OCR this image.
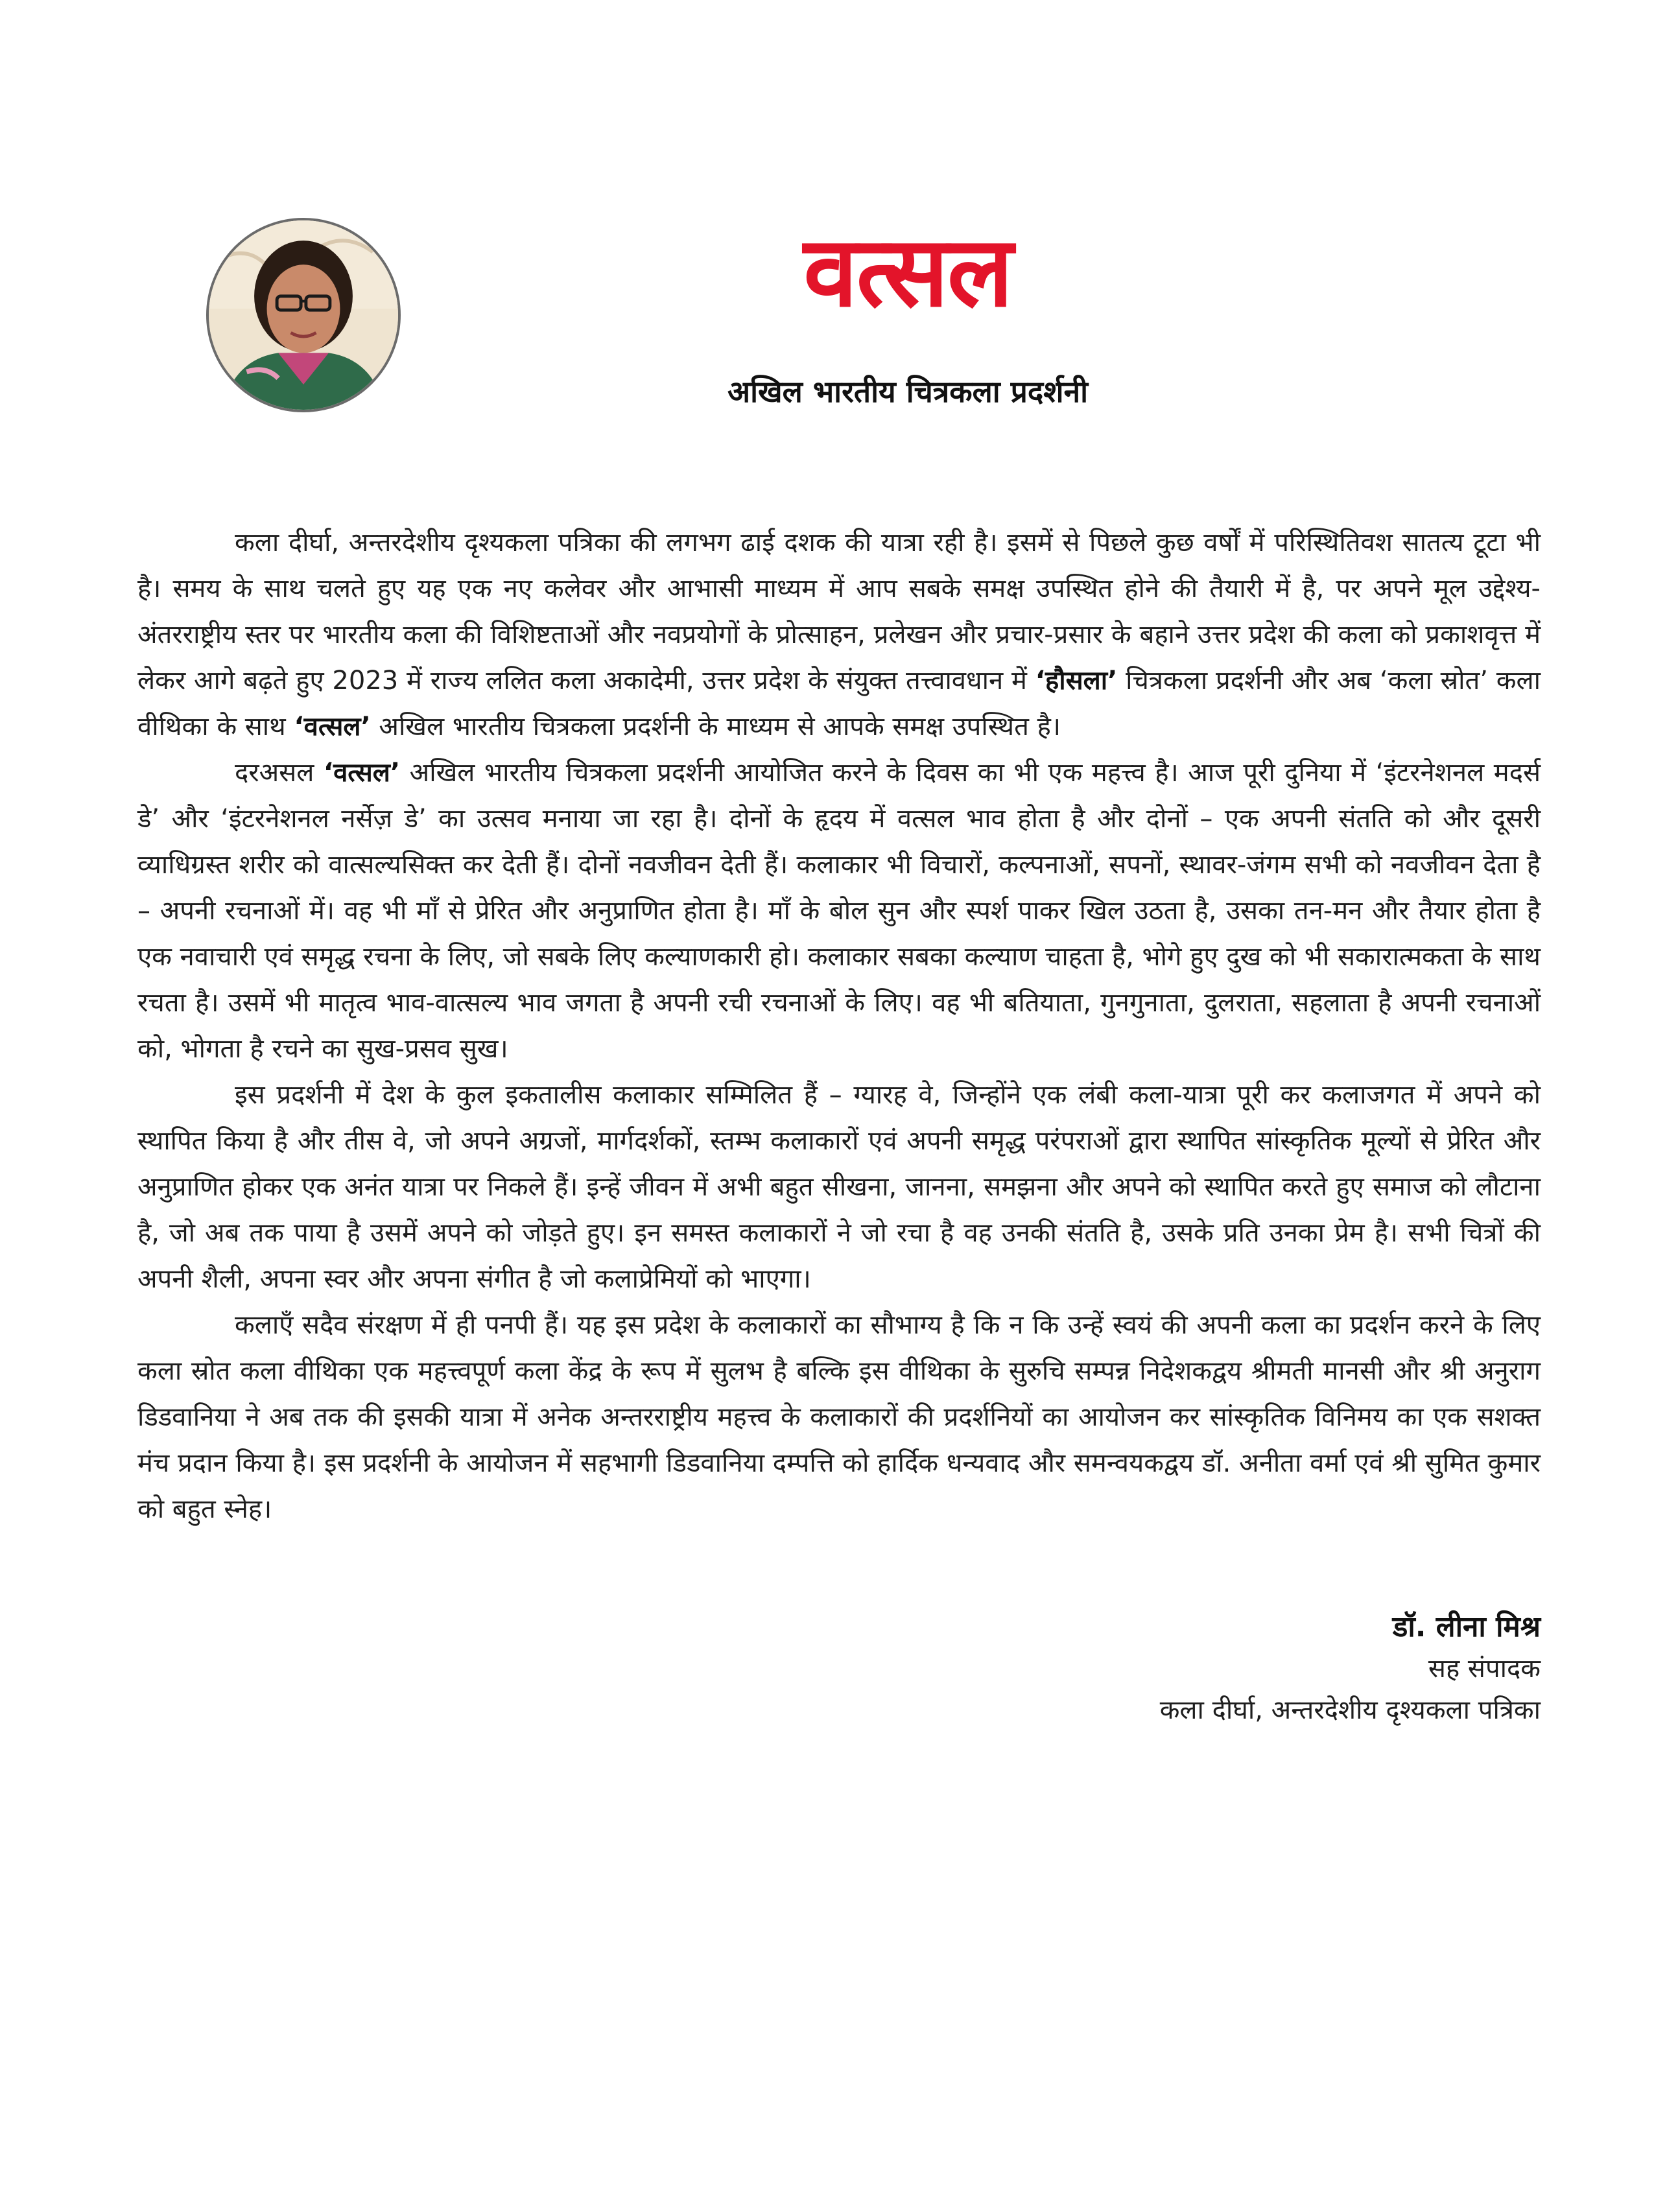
वत्सल
अखिल भारतीय चित्रकला प्रदर्शनी

कला दीर्घा, अन्तरदेशीय दृश्यकला पत्रिका की लगभग ढाई दशक की यात्रा रही है। इसमें से पिछले कुछ वर्षों में परिस्थितिवश सातत्य टूटा भी है। समय के साथ चलते हुए यह एक नए कलेवर और आभासी माध्यम में आप सबके समक्ष उपस्थित होने की तैयारी में है, पर अपने मूल उद्देश्य-अंतरराष्ट्रीय स्तर पर भारतीय कला की विशिष्टताओं और नवप्रयोगों के प्रोत्साहन, प्रलेखन और प्रचार-प्रसार के बहाने उत्तर प्रदेश की कला को प्रकाशवृत्त में लेकर आगे बढ़ते हुए 2023 में राज्य ललित कला अकादेमी, उत्तर प्रदेश के संयुक्त तत्त्वावधान में ‘हौसला’ चित्रकला प्रदर्शनी और अब ‘कला स्रोत’ कला वीथिका के साथ ‘वत्सल’ अखिल भारतीय चित्रकला प्रदर्शनी के माध्यम से आपके समक्ष उपस्थित है।

दरअसल ‘वत्सल’ अखिल भारतीय चित्रकला प्रदर्शनी आयोजित करने के दिवस का भी एक महत्त्व है। आज पूरी दुनिया में ‘इंटरनेशनल मदर्स डे’ और ‘इंटरनेशनल नर्सेज़ डे’ का उत्सव मनाया जा रहा है। दोनों के हृदय में वत्सल भाव होता है और दोनों – एक अपनी संतति को और दूसरी व्याधिग्रस्त शरीर को वात्सल्यसिक्त कर देती हैं। दोनों नवजीवन देती हैं। कलाकार भी विचारों, कल्पनाओं, सपनों, स्थावर-जंगम सभी को नवजीवन देता है – अपनी रचनाओं में। वह भी माँ से प्रेरित और अनुप्राणित होता है। माँ के बोल सुन और स्पर्श पाकर खिल उठता है, उसका तन-मन और तैयार होता है एक नवाचारी एवं समृद्ध रचना के लिए, जो सबके लिए कल्याणकारी हो। कलाकार सबका कल्याण चाहता है, भोगे हुए दुख को भी सकारात्मकता के साथ रचता है। उसमें भी मातृत्व भाव-वात्सल्य भाव जगता है अपनी रची रचनाओं के लिए। वह भी बतियाता, गुनगुनाता, दुलराता, सहलाता है अपनी रचनाओं को, भोगता है रचने का सुख-प्रसव सुख।

इस प्रदर्शनी में देश के कुल इकतालीस कलाकार सम्मिलित हैं – ग्यारह वे, जिन्होंने एक लंबी कला-यात्रा पूरी कर कलाजगत में अपने को स्थापित किया है और तीस वे, जो अपने अग्रजों, मार्गदर्शकों, स्तम्भ कलाकारों एवं अपनी समृद्ध परंपराओं द्वारा स्थापित सांस्कृतिक मूल्यों से प्रेरित और अनुप्राणित होकर एक अनंत यात्रा पर निकले हैं। इन्हें जीवन में अभी बहुत सीखना, जानना, समझना और अपने को स्थापित करते हुए समाज को लौटाना है, जो अब तक पाया है उसमें अपने को जोड़ते हुए। इन समस्त कलाकारों ने जो रचा है वह उनकी संतति है, उसके प्रति उनका प्रेम है। सभी चित्रों की अपनी शैली, अपना स्वर और अपना संगीत है जो कलाप्रेमियों को भाएगा।

कलाएँ सदैव संरक्षण में ही पनपी हैं। यह इस प्रदेश के कलाकारों का सौभाग्य है कि न कि उन्हें स्वयं की अपनी कला का प्रदर्शन करने के लिए कला स्रोत कला वीथिका एक महत्त्वपूर्ण कला केंद्र के रूप में सुलभ है बल्कि इस वीथिका के सुरुचि सम्पन्न निदेशकद्वय श्रीमती मानसी और श्री अनुराग डिडवानिया ने अब तक की इसकी यात्रा में अनेक अन्तरराष्ट्रीय महत्त्व के कलाकारों की प्रदर्शनियों का आयोजन कर सांस्कृतिक विनिमय का एक सशक्त मंच प्रदान किया है। इस प्रदर्शनी के आयोजन में सहभागी डिडवानिया दम्पत्ति को हार्दिक धन्यवाद और समन्वयकद्वय डॉ. अनीता वर्मा एवं श्री सुमित कुमार को बहुत स्नेह।

डॉ. लीना मिश्र
सह संपादक
कला दीर्घा, अन्तरदेशीय दृश्यकला पत्रिका
